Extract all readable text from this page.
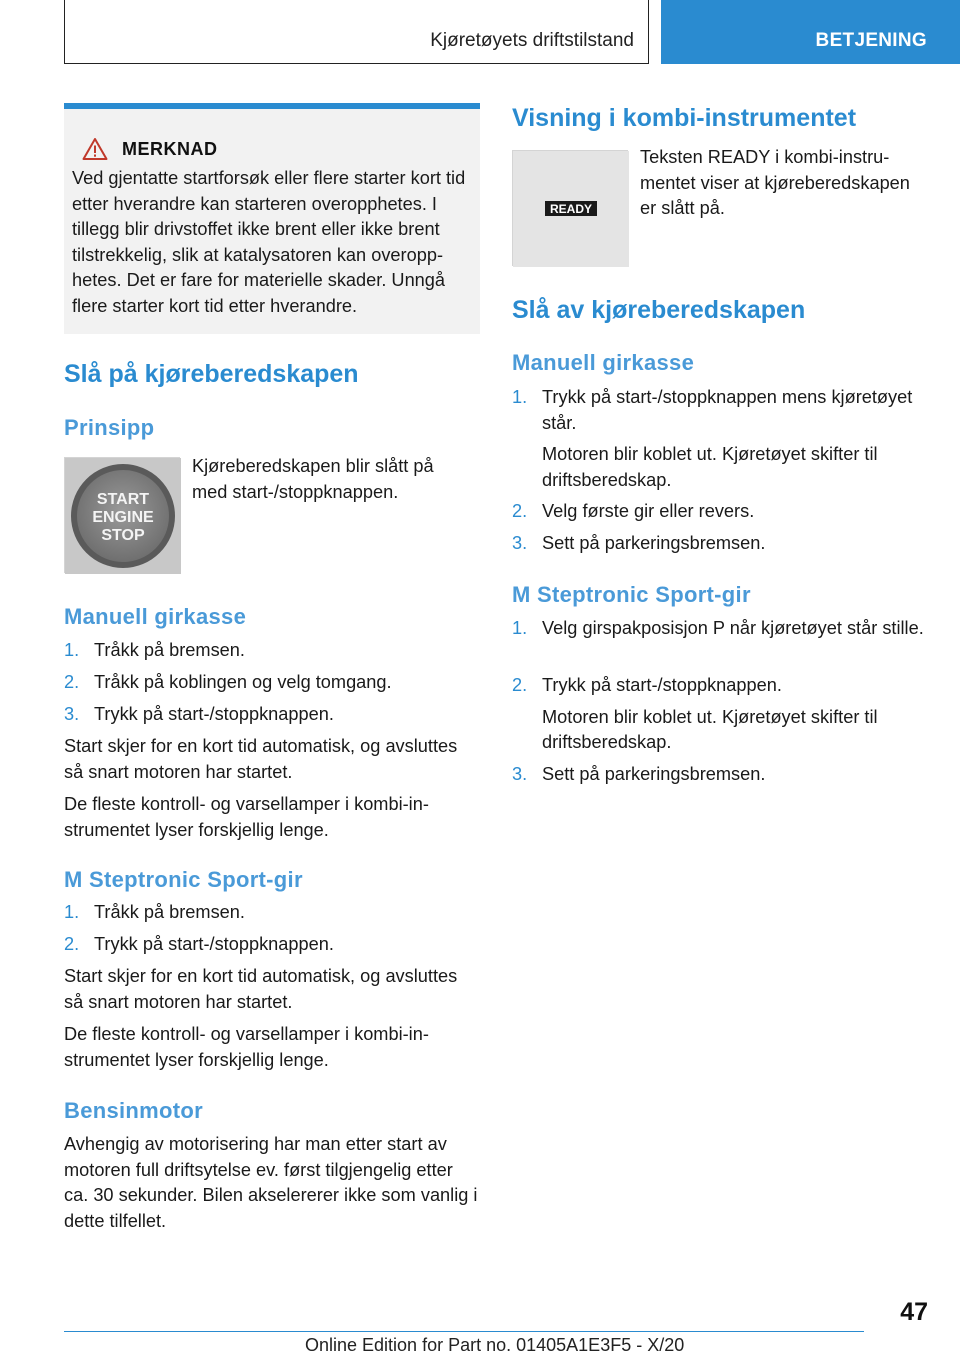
Kjøretøyets driftstilstand	BETJENING
MERKNAD
Ved gjentatte startforsøk eller flere starter kort tid etter hverandre kan starteren overopphetes. I tillegg blir drivstoffet ikke brent eller ikke brent tilstrekkelig, slik at katalysatoren kan overopphetes. Det er fare for materielle skader. Unngå flere starter kort tid etter hverandre.
Slå på kjøreberedskapen
Prinsipp
START
ENGINE
STOP
Kjøreberedskapen blir slått på med start-/stoppknappen.
Manuell girkasse
1. Tråkk på bremsen.
2. Tråkk på koblingen og velg tomgang.
3. Trykk på start-/stoppknappen.
Start skjer for en kort tid automatisk, og avsluttes så snart motoren har startet.
De fleste kontroll- og varsellamper i kombi-instrumentet lyser forskjellig lenge.
M Steptronic Sport-gir
1. Tråkk på bremsen.
2. Trykk på start-/stoppknappen.
Start skjer for en kort tid automatisk, og avsluttes så snart motoren har startet.
De fleste kontroll- og varsellamper i kombi-instrumentet lyser forskjellig lenge.
Bensinmotor
Avhengig av motorisering har man etter start av motoren full driftsytelse ev. først tilgjengelig etter ca. 30 sekunder. Bilen akselererer ikke som vanlig i dette tilfellet.
Visning i kombi-instrumentet
READY
Teksten READY i kombi-instrumentet viser at kjøreberedskapen er slått på.
Slå av kjøreberedskapen
Manuell girkasse
1. Trykk på start-/stoppknappen mens kjøretøyet står.
Motoren blir koblet ut. Kjøretøyet skifter til driftsberedskap.
2. Velg første gir eller revers.
3. Sett på parkeringsbremsen.
M Steptronic Sport-gir
1. Velg girspakposisjon P når kjøretøyet står stille.
2. Trykk på start-/stoppknappen.
Motoren blir koblet ut. Kjøretøyet skifter til driftsberedskap.
3. Sett på parkeringsbremsen.
47
Online Edition for Part no. 01405A1E3F5 - X/20
